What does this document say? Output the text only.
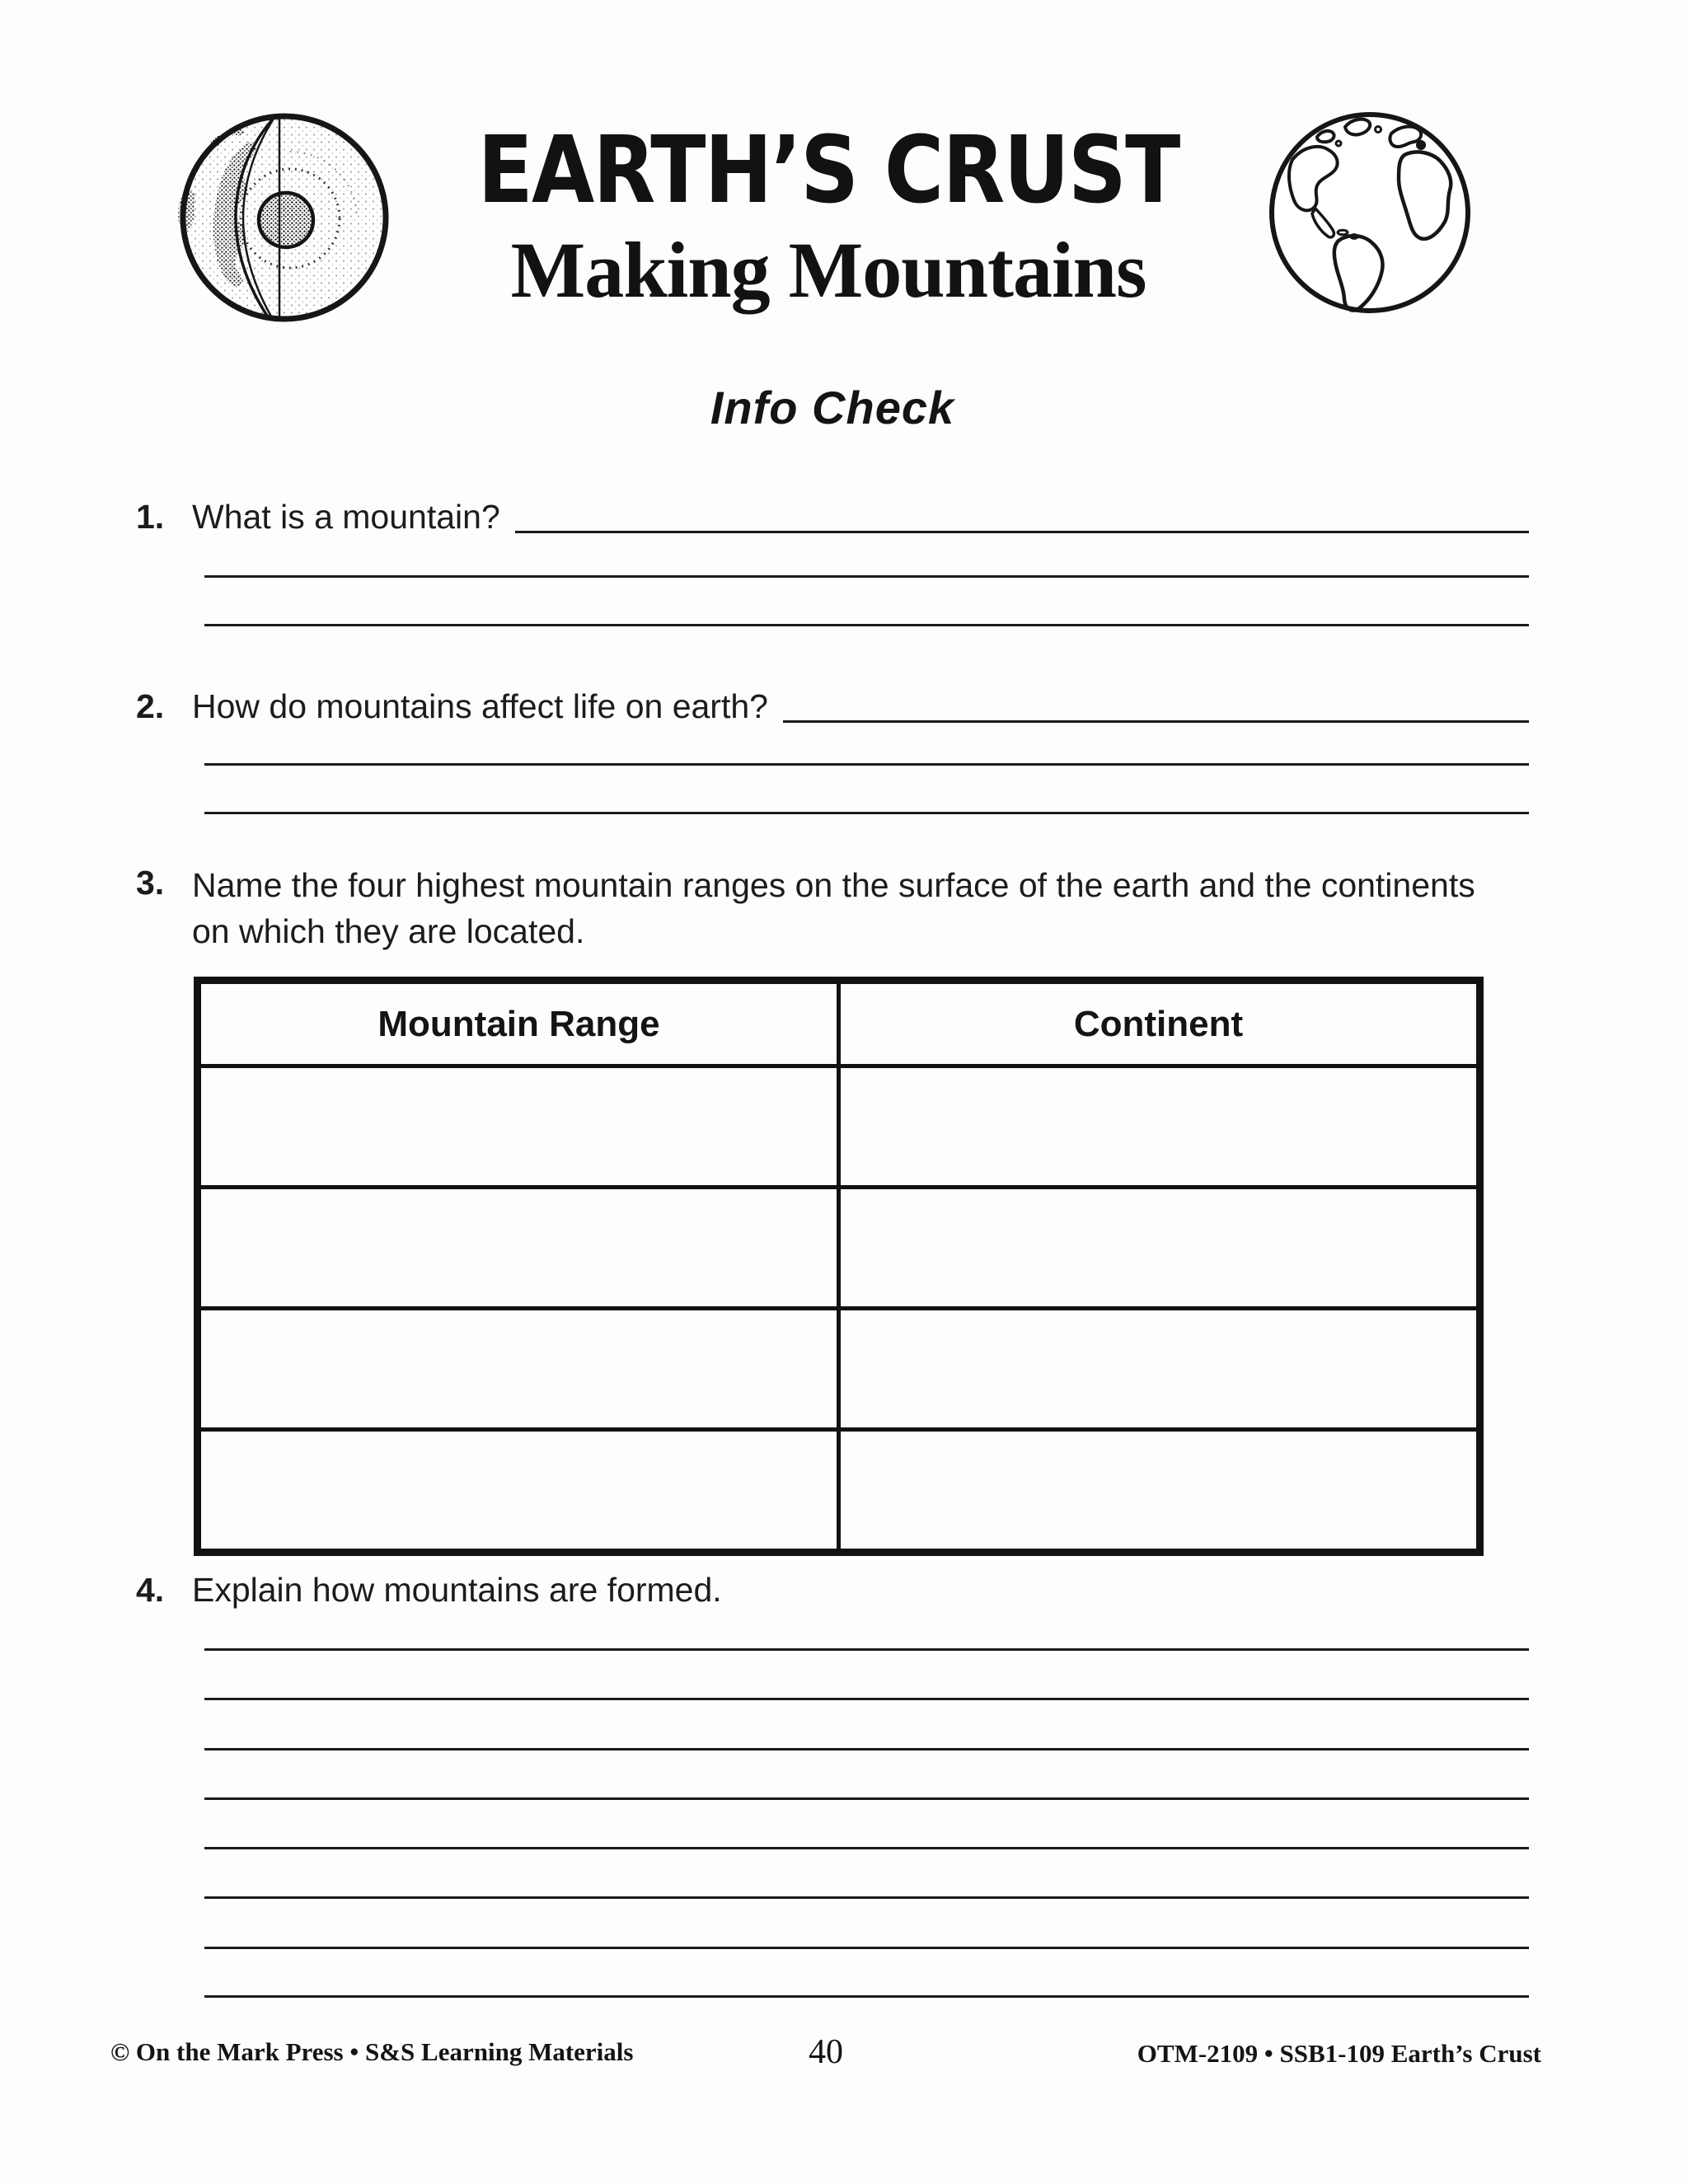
EARTH’S CRUST
Making Mountains
Info Check
1. What is a mountain?
2. How do mountains affect life on earth?
3. Name the four highest mountain ranges on the surface of the earth and the continents on which they are located.
Mountain Range	Continent

4. Explain how mountains are formed.
© On the Mark Press • S&S Learning Materials	40	OTM-2109 • SSB1-109 Earth’s Crust
